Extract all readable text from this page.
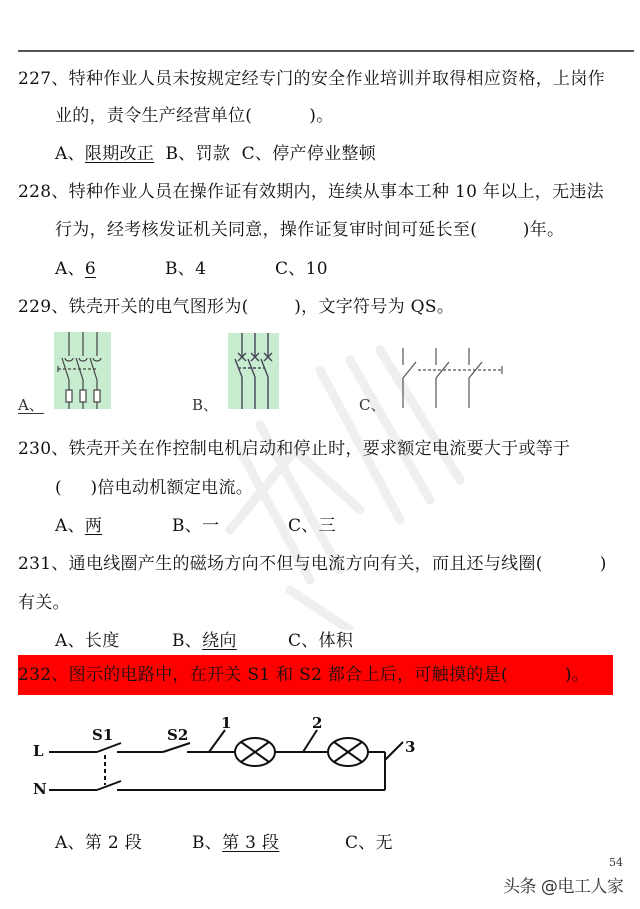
227、特种作业人员未按规定经专门的安全作业培训并取得相应资格，上岗作
业的，责令生产经营单位(          )。
A、限期改正 B、罚款 C、停产停业整顿
228、特种作业人员在操作证有效期内，连续从事本工种 10 年以上，无违法
行为，经考核发证机关同意，操作证复审时间可延长至(        )年。
A、6	B、4	C、10
229、铁壳开关的电气图形为(        )，文字符号为 QS。
A、	B、	C、
230、铁壳开关在作控制电机启动和停止时，要求额定电流要大于或等于
(     )倍电动机额定电流。
A、两	B、一	C、三
231、通电线圈产生的磁场方向不但与电流方向有关，而且还与线圈(          )
有关。
A、长度	B、绕向	C、体积
232、图示的电路中，在开关 S1 和 S2 都合上后，可触摸的是(          )。
L
N
S1	S2
1	2
3
A、第 2 段	B、第 3 段	C、无
54
头条 @电工人家
